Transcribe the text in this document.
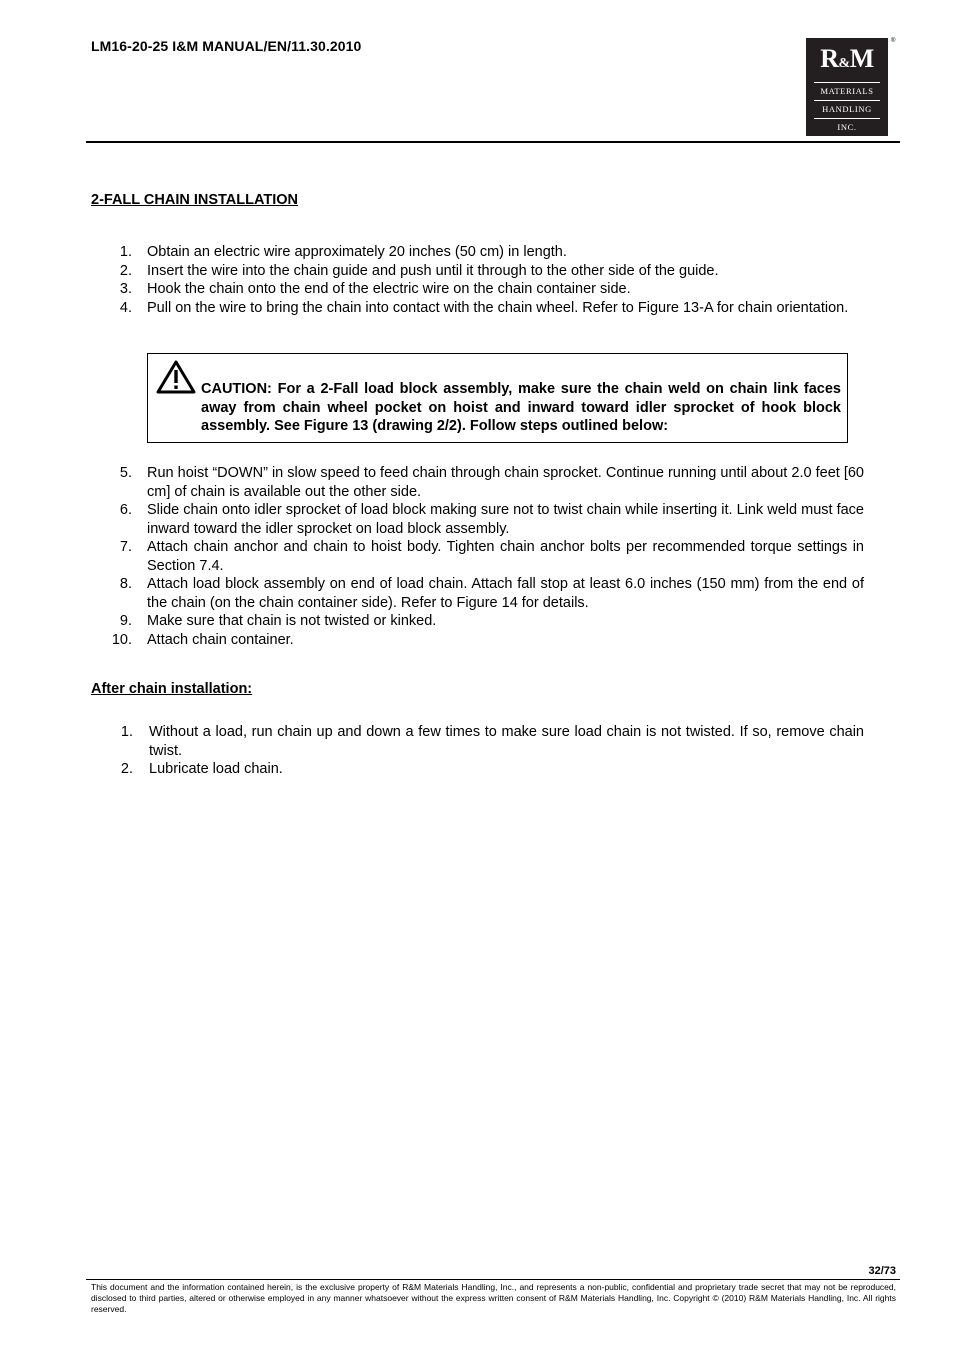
LM16-20-25 I&M MANUAL/EN/11.30.2010	R&M
MATERIALS
HANDLING
INC.
®
2-FALL CHAIN INSTALLATION
1. Obtain an electric wire approximately 20 inches (50 cm) in length.
2. Insert the wire into the chain guide and push until it through to the other side of the guide.
3. Hook the chain onto the end of the electric wire on the chain container side.
4. Pull on the wire to bring the chain into contact with the chain wheel. Refer to Figure 13-A for chain orientation.
CAUTION: For a 2-Fall load block assembly, make sure the chain weld on chain link faces away from chain wheel pocket on hoist and inward toward idler sprocket of hook block assembly. See Figure 13 (drawing 2/2). Follow steps outlined below:
5. Run hoist “DOWN” in slow speed to feed chain through chain sprocket. Continue running until about 2.0 feet [60 cm] of chain is available out the other side.
6. Slide chain onto idler sprocket of load block making sure not to twist chain while inserting it. Link weld must face inward toward the idler sprocket on load block assembly.
7. Attach chain anchor and chain to hoist body. Tighten chain anchor bolts per recommended torque settings in Section 7.4.
8. Attach load block assembly on end of load chain. Attach fall stop at least 6.0 inches (150 mm) from the end of the chain (on the chain container side). Refer to Figure 14 for details.
9. Make sure that chain is not twisted or kinked.
10. Attach chain container.
After chain installation:
1. Without a load, run chain up and down a few times to make sure load chain is not twisted. If so, remove chain twist.
2. Lubricate load chain.
32/73
This document and the information contained herein, is the exclusive property of R&M Materials Handling, Inc., and represents a non-public, confidential and proprietary trade secret that may not be reproduced, disclosed to third parties, altered or otherwise employed in any manner whatsoever without the express written consent of R&M Materials Handling, Inc. Copyright © (2010) R&M Materials Handling, Inc. All rights reserved.
